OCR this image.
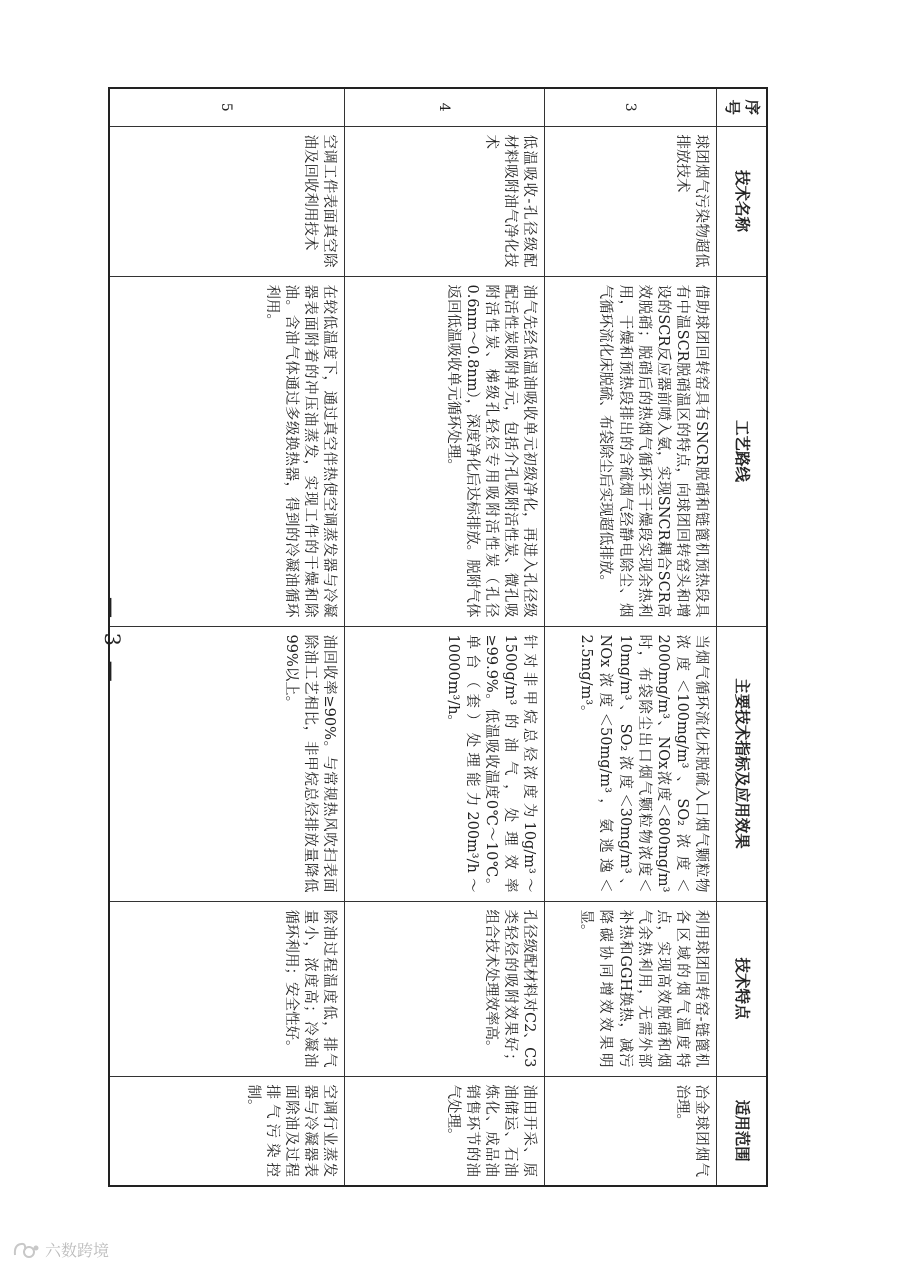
— 3 —
序号	技术名称	工艺路线	主要技术指标及应用效果	技术特点	适用范围
3	球团烟气污染物超低排放技术	借助球团回转窑具有SNCR脱硝和链篦机预热段具有中温SCR脱硝温区的特点，向球团回转窑头和增设的SCR反应器前喷入氨，实现SNCR耦合SCR高效脱硝；脱硝后的热烟气循环至干燥段实现余热利用，干燥和预热段排出的含硫烟气经静电除尘、烟气循环流化床脱硫、布袋除尘后实现超低排放。	当烟气循环流化床脱硫入口烟气颗粒物浓度＜100mg/m³、SO₂浓度＜2000mg/m³、NOx浓度＜800mg/m³时，布袋除尘出口烟气颗粒物浓度＜10mg/m³、SO₂浓度＜30mg/m³、NOx浓度＜50mg/m³，氨逃逸＜2.5mg/m³。	利用球团回转窑-链篦机各区域的烟气温度特点，实现高效脱硝和烟气余热利用，无需外部补热和GGH换热，减污降碳协同增效效果明显。	冶金球团烟气治理。
4	低温吸收-孔径级配材料吸附油气净化技术	油气先经低温油吸收单元初级净化，再进入孔径级配活性炭吸附单元，包括介孔吸附活性炭、微孔吸附活性炭、梯级孔轻烃专用吸附活性炭（孔径0.6nm～0.8nm），深度净化后达标排放。脱附气体返回低温吸收单元循环处理。	针对非甲烷总烃浓度为10g/m³～1500g/m³的油气，处理效率≥99.9%。低温吸收温度0℃～10℃。单台（套）处理能力200m³/h～10000m³/h。	孔径级配材料对C2、C3类轻烃的吸附效果好；组合技术处理效率高。	油田开采、原油储运、石油炼化、成品油销售环节的油气处理。
5	空调工件表面真空除油及回收利用技术	在较低温度下，通过真空伴热使空调蒸发器与冷凝器表面附着的冲压油蒸发，实现工件的干燥和除油。含油气体通过多级换热器，得到的冷凝油循环利用。	油回收率≥90%。与常规热风吹扫表面除油工艺相比，非甲烷总烃排放量降低99%以上。	除油过程温度低，排气量小，浓度高；冷凝油循环利用；安全性好。	空调行业蒸发器与冷凝器表面除油及过程排气污染控制。
六数跨境
